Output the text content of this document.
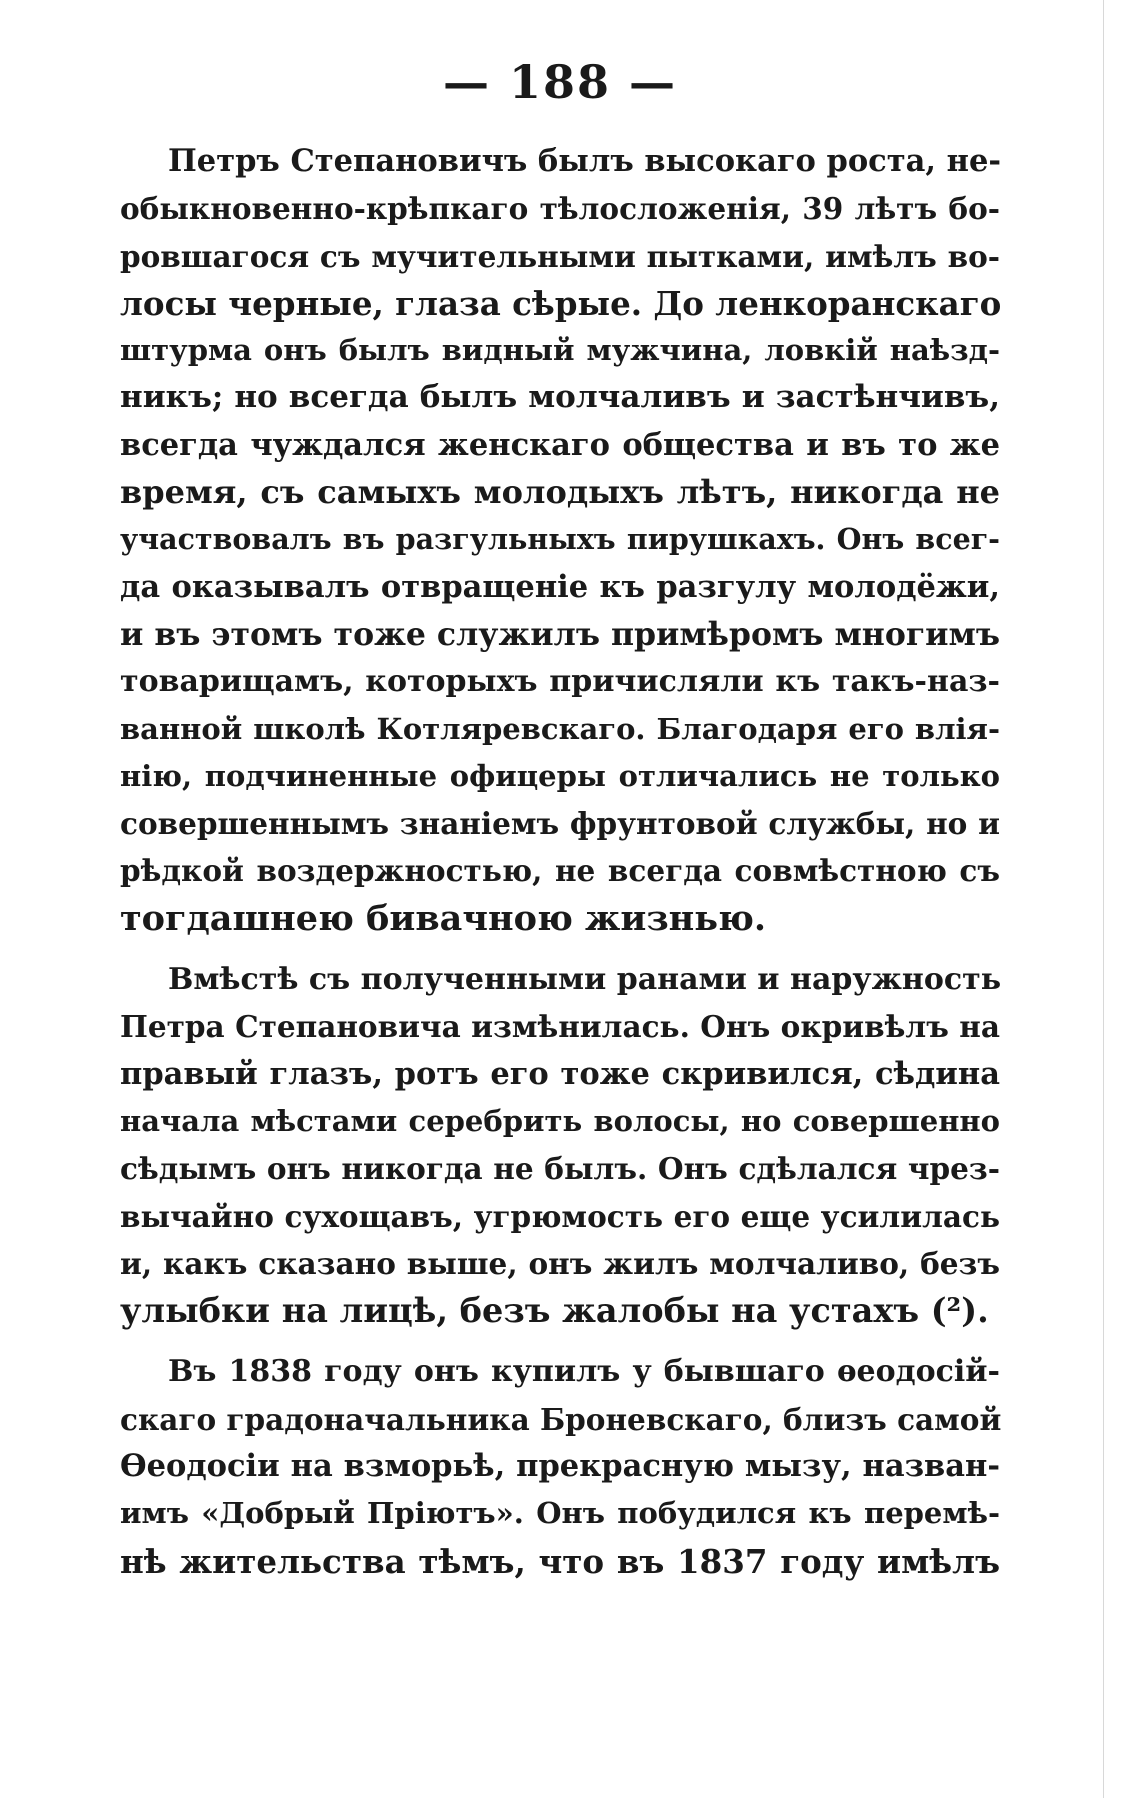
— 188 —
Петръ Степановичъ былъ высокаго роста, не-
обыкновенно-крѣпкаго тѣлосложенія, 39 лѣтъ бо-
ровшагося съ мучительными пытками, имѣлъ во-
лосы черные, глаза сѣрые. До ленкоранскаго
штурма онъ былъ видный мужчина, ловкій наѣзд-
никъ; но всегда былъ молчаливъ и застѣнчивъ,
всегда чуждался женскаго общества и въ то же
время, съ самыхъ молодыхъ лѣтъ, никогда не
участвовалъ въ разгульныхъ пирушкахъ. Онъ всег-
да оказывалъ отвращеніе къ разгулу молодёжи,
и въ этомъ тоже служилъ примѣромъ многимъ
товарищамъ, которыхъ причисляли къ такъ-наз-
ванной школѣ Котляревскаго. Благодаря его влія-
нію, подчиненные офицеры отличались не только
совершеннымъ знаніемъ фрунтовой службы, но и
рѣдкой воздержностью, не всегда совмѣстною съ
тогдашнею бивачною жизнью.
Вмѣстѣ съ полученными ранами и наружность
Петра Степановича измѣнилась. Онъ окривѣлъ на
правый глазъ, ротъ его тоже скривился, сѣдина
начала мѣстами серебрить волосы, но совершенно
сѣдымъ онъ никогда не былъ. Онъ сдѣлался чрез-
вычайно сухощавъ, угрюмость его еще усилилась
и, какъ сказано выше, онъ жилъ молчаливо, безъ
улыбки на лицѣ, безъ жалобы на устахъ (²).
Въ 1838 году онъ купилъ у бывшаго ѳеодосій-
скаго градоначальника Броневскаго, близъ самой
Ѳеодосіи на взморьѣ, прекрасную мызу, назван-
имъ «Добрый Пріютъ». Онъ побудился къ перемѣ-
нѣ жительства тѣмъ, что въ 1837 году имѣлъ
